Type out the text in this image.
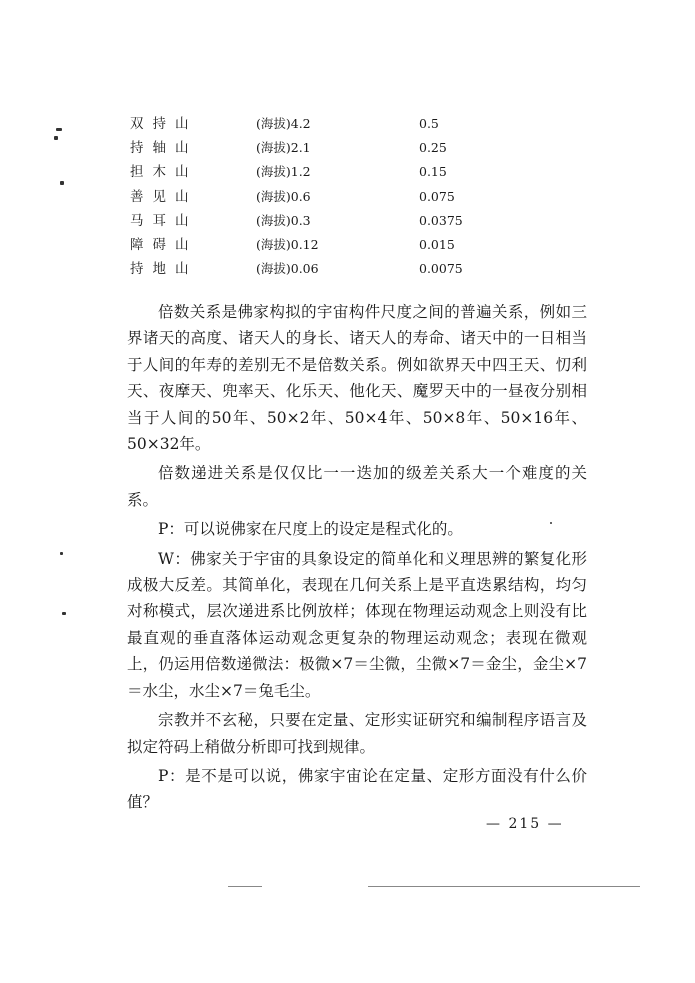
双持山	(海拔)4.2	0.5
持轴山	(海拔)2.1	0.25
担木山	(海拔)1.2	0.15
善见山	(海拔)0.6	0.075
马耳山	(海拔)0.3	0.0375
障碍山	(海拔)0.12	0.015
持地山	(海拔)0.06	0.0075

倍数关系是佛家构拟的宇宙构件尺度之间的普遍关系，例如三界诸天的高度、诸天人的身长、诸天人的寿命、诸天中的一日相当于人间的年寿的差别无不是倍数关系。例如欲界天中四王天、忉利天、夜摩天、兜率天、化乐天、他化天、魔罗天中的一昼夜分别相当于人间的50年、50×2年、50×4年、50×8年、50×16年、50×32年。

倍数递进关系是仅仅比一一迭加的级差关系大一个难度的关系。

P：可以说佛家在尺度上的设定是程式化的。

W：佛家关于宇宙的具象设定的简单化和义理思辨的繁复化形成极大反差。其简单化，表现在几何关系上是平直迭累结构，均匀对称模式，层次递进系比例放样；体现在物理运动观念上则没有比最直观的垂直落体运动观念更复杂的物理运动观念；表现在微观上，仍运用倍数递微法：极微×7＝尘微，尘微×7＝金尘，金尘×7＝水尘，水尘×7＝兔毛尘。

宗教并不玄秘，只要在定量、定形实证研究和编制程序语言及拟定符码上稍做分析即可找到规律。

P：是不是可以说，佛家宇宙论在定量、定形方面没有什么价值？

— 215 —
